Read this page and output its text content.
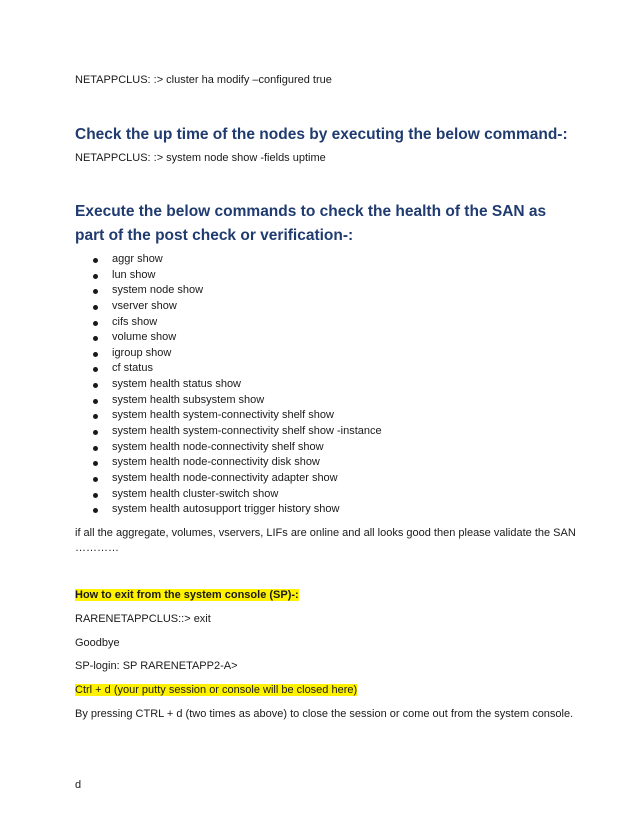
NETAPPCLUS: :> cluster ha modify –configured true
Check the up time of the nodes by executing the below command-:
NETAPPCLUS: :> system node show -fields uptime
Execute the below commands to check the health of the SAN as part of the post check or verification-:
aggr show
lun show
system node show
vserver show
cifs show
volume show
igroup show
cf status
system health status show
system health subsystem show
system health system-connectivity shelf show
system health system-connectivity shelf show -instance
system health node-connectivity shelf show
system health node-connectivity disk show
system health node-connectivity adapter show
system health cluster-switch show
system health autosupport trigger history show
if all the aggregate, volumes, vservers, LIFs are online and all looks good then please validate the SAN
…………
How to exit from the system console (SP)-:
RARENETAPPCLUS::> exit
Goodbye
SP-login: SP RARENETAPP2-A>
Ctrl + d (your putty session or console will be closed here)
By pressing CTRL + d (two times as above) to close the session or come out from the system console.
d
